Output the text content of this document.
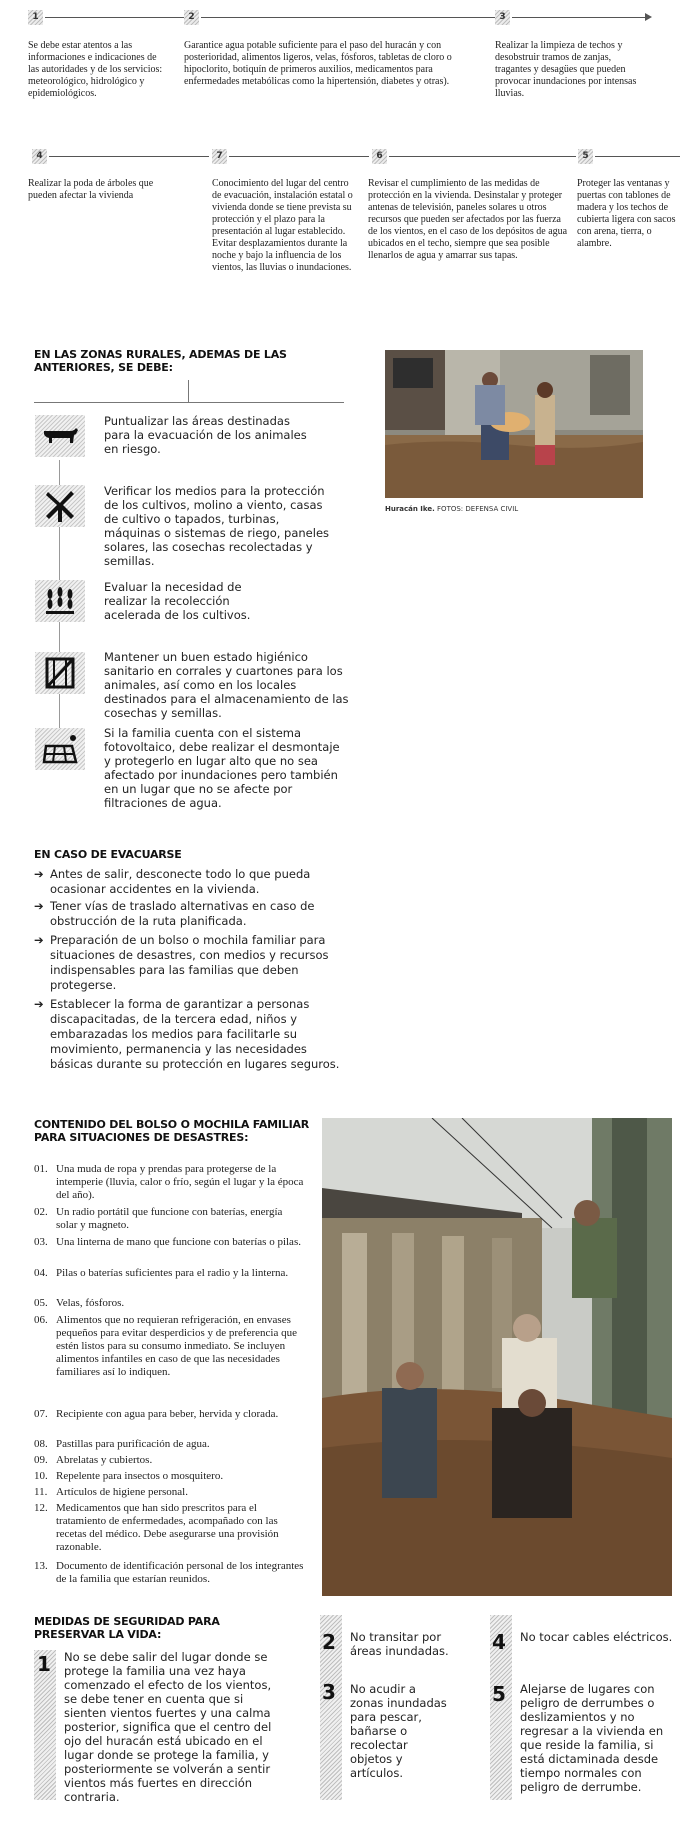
1	2	3
Se debe estar atentos a las informaciones e indicaciones de las autoridades y de los servicios: meteorológico, hidrológico y epidemiológicos.
Garantice agua potable suficiente para el paso del huracán y con posterioridad, alimentos ligeros, velas, fósforos, tabletas de cloro o hipoclorito, botiquín de primeros auxilios, medicamentos para enfermedades metabólicas como la hipertensión, diabetes y otras).
Realizar la limpieza de techos y desobstruir tramos de zanjas, tragantes y desagües que pueden provocar inundaciones por intensas lluvias.
4	7	6	5
Realizar la poda de árboles que pueden afectar la vivienda
Conocimiento del lugar del centro de evacuación, instalación estatal o vivienda donde se tiene prevista su protección y el plazo para la presentación al lugar establecido. Evitar desplazamientos durante la noche y bajo la influencia de los vientos, las lluvias o inundaciones.
Revisar el cumplimiento de las medidas de protección en la vivienda. Desinstalar y proteger antenas de televisión, paneles solares u otros recursos que pueden ser afectados por las fuerza de los vientos, en el caso de los depósitos de agua ubicados en el techo, siempre que sea posible llenarlos de agua y amarrar sus tapas.
Proteger las ventanas y puertas con tablones de madera y los techos de cubierta ligera con sacos con arena, tierra, o alambre.
EN LAS ZONAS RURALES, ADEMAS DE LAS ANTERIORES, SE DEBE:
Puntualizar las áreas destinadas para la evacuación de los animales en riesgo.
Verificar los medios para la protección de los cultivos, molino a viento, casas de cultivo o tapados, turbinas, máquinas o sistemas de riego, paneles solares, las cosechas recolectadas y semillas.
Evaluar la necesidad de realizar la recolección acelerada de los cultivos.
Mantener un buen estado higiénico sanitario en corrales y cuartones para los animales, así como en los locales destinados para el almacenamiento de las cosechas y semillas.
Si la familia cuenta con el sistema fotovoltaico, debe realizar el desmontaje y protegerlo en lugar alto que no sea afectado por inundaciones pero también en un lugar que no se afecte por filtraciones de agua.
Huracán Ike. FOTOS: DEFENSA CIVIL
EN CASO DE EVACUARSE
➔ Antes de salir, desconecte todo lo que pueda ocasionar accidentes en la vivienda.
➔ Tener vías de traslado alternativas en caso de obstrucción de la ruta planificada.
➔ Preparación de un bolso o mochila familiar para situaciones de desastres, con medios y recursos indispensables para las familias que deben protegerse.
➔ Establecer la forma de garantizar a personas discapacitadas, de la tercera edad, niños y embarazadas los medios para facilitarle su movimiento, permanencia y las necesidades básicas durante su protección en lugares seguros.
CONTENIDO DEL BOLSO O MOCHILA FAMILIAR PARA SITUACIONES DE DESASTRES:
01. Una muda de ropa y prendas para protegerse de la intemperie (lluvia, calor o frío, según el lugar y la época del año).
02. Un radio portátil que funcione con baterías, energía solar y magneto.
03. Una linterna de mano que funcione con baterías o pilas.
04. Pilas o baterías suficientes para el radio y la linterna.
05. Velas, fósforos.
06. Alimentos que no requieran refrigeración, en envases pequeños para evitar desperdicios y de preferencia que estén listos para su consumo inmediato. Se incluyen alimentos infantiles en caso de que las necesidades familiares así lo indiquen.
07. Recipiente con agua para beber, hervida y clorada.
08. Pastillas para purificación de agua.
09. Abrelatas y cubiertos.
10. Repelente para insectos o mosquitero.
11. Artículos de higiene personal.
12. Medicamentos que han sido prescritos para el tratamiento de enfermedades, acompañado con las recetas del médico. Debe asegurarse una provisión razonable.
13. Documento de identificación personal de los integrantes de la familia que estarían reunidos.
MEDIDAS DE SEGURIDAD PARA PRESERVAR LA VIDA:
1 No se debe salir del lugar donde se protege la familia una vez haya comenzado el efecto de los vientos, se debe tener en cuenta que si sienten vientos fuertes y una calma posterior, significa que el centro del ojo del huracán está ubicado en el lugar donde se protege la familia, y posteriormente se volverán a sentir vientos más fuertes en dirección contraria.
2 No transitar por áreas inundadas.
3 No acudir a zonas inundadas para pescar, bañarse o recolectar objetos y artículos.
4 No tocar cables eléctricos.
5 Alejarse de lugares con peligro de derrumbes o deslizamientos y no regresar a la vivienda en que reside la familia, si está dictaminada desde tiempo normales con peligro de derrumbe.
